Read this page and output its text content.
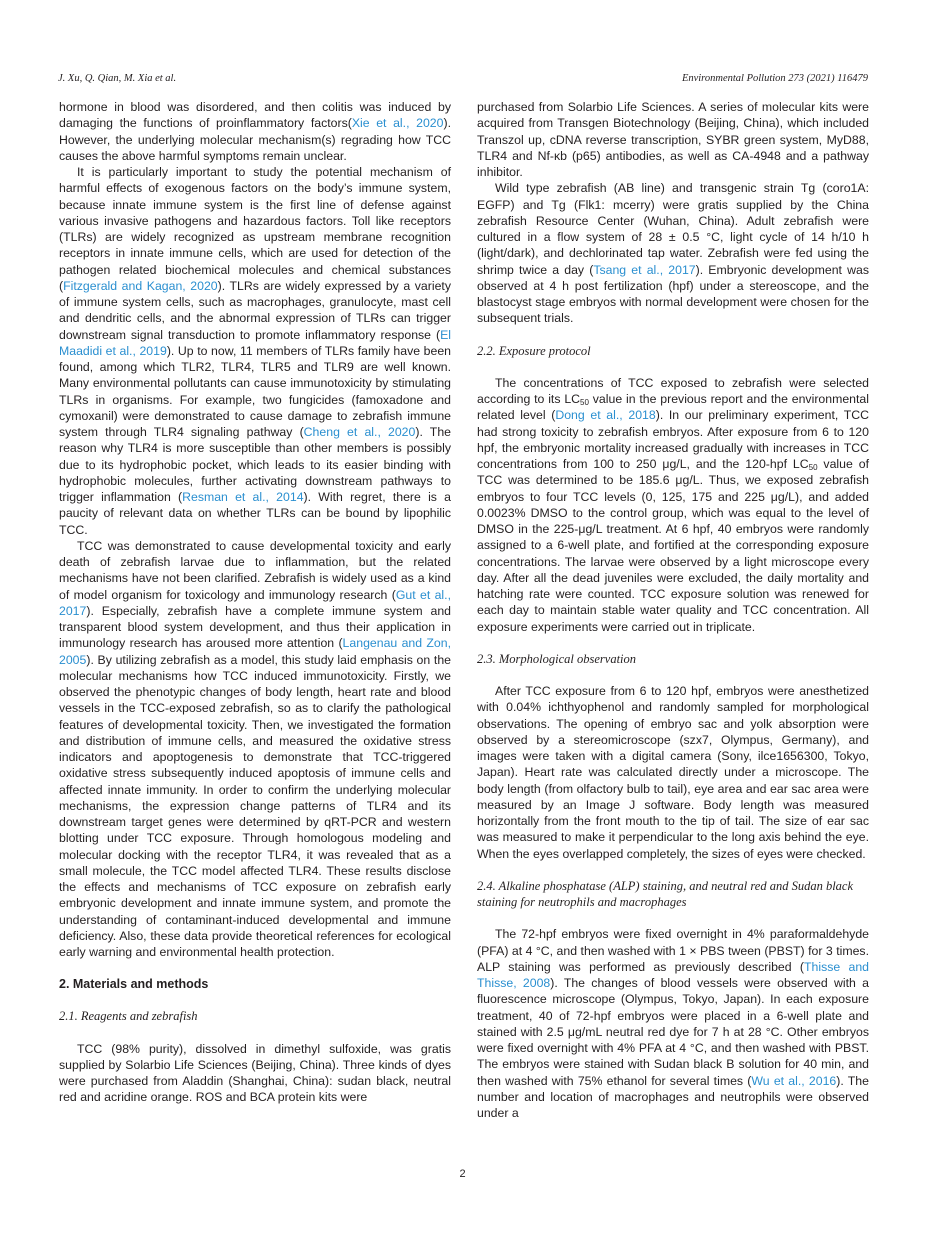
J. Xu, Q. Qian, M. Xia et al.	Environmental Pollution 273 (2021) 116479

hormone in blood was disordered, and then colitis was induced by damaging the functions of proinflammatory factors(Xie et al., 2020). However, the underlying molecular mechanism(s) regrading how TCC causes the above harmful symptoms remain unclear.

It is particularly important to study the potential mechanism of harmful effects of exogenous factors on the body’s immune system, because innate immune system is the first line of defense against various invasive pathogens and hazardous factors. Toll like receptors (TLRs) are widely recognized as upstream membrane recognition receptors in innate immune cells, which are used for detection of the pathogen related biochemical molecules and chemical substances (Fitzgerald and Kagan, 2020). TLRs are widely expressed by a variety of immune system cells, such as macrophages, granulocyte, mast cell and dendritic cells, and the abnormal expression of TLRs can trigger downstream signal transduction to promote inflammatory response (El Maadidi et al., 2019). Up to now, 11 members of TLRs family have been found, among which TLR2, TLR4, TLR5 and TLR9 are well known. Many environmental pollutants can cause immunotoxicity by stimulating TLRs in organisms. For example, two fungicides (famoxadone and cymoxanil) were demonstrated to cause damage to zebrafish immune system through TLR4 signaling pathway (Cheng et al., 2020). The reason why TLR4 is more susceptible than other members is possibly due to its hydrophobic pocket, which leads to its easier binding with hydrophobic molecules, further activating downstream pathways to trigger inflammation (Resman et al., 2014). With regret, there is a paucity of relevant data on whether TLRs can be bound by lipophilic TCC.

TCC was demonstrated to cause developmental toxicity and early death of zebrafish larvae due to inflammation, but the related mechanisms have not been clarified. Zebrafish is widely used as a kind of model organism for toxicology and immunology research (Gut et al., 2017). Especially, zebrafish have a complete immune system and transparent blood system development, and thus their application in immunology research has aroused more attention (Langenau and Zon, 2005). By utilizing zebrafish as a model, this study laid emphasis on the molecular mechanisms how TCC induced immunotoxicity. Firstly, we observed the phenotypic changes of body length, heart rate and blood vessels in the TCC-exposed zebrafish, so as to clarify the pathological features of developmental toxicity. Then, we investigated the formation and distribution of immune cells, and measured the oxidative stress indicators and apoptogenesis to demonstrate that TCC-triggered oxidative stress subsequently induced apoptosis of immune cells and affected innate immunity. In order to confirm the underlying molecular mechanisms, the expression change patterns of TLR4 and its downstream target genes were determined by qRT-PCR and western blotting under TCC exposure. Through homologous modeling and molecular docking with the receptor TLR4, it was revealed that as a small molecule, the TCC model affected TLR4. These results disclose the effects and mechanisms of TCC exposure on zebrafish early embryonic development and innate immune system, and promote the understanding of contaminant-induced developmental and immune deficiency. Also, these data provide theoretical references for ecological early warning and environmental health protection.

2. Materials and methods
2.1. Reagents and zebrafish

TCC (98% purity), dissolved in dimethyl sulfoxide, was gratis supplied by Solarbio Life Sciences (Beijing, China). Three kinds of dyes were purchased from Aladdin (Shanghai, China): sudan black, neutral red and acridine orange. ROS and BCA protein kits were

purchased from Solarbio Life Sciences. A series of molecular kits were acquired from Transgen Biotechnology (Beijing, China), which included Transzol up, cDNA reverse transcription, SYBR green system, MyD88, TLR4 and Nf-κb (p65) antibodies, as well as CA-4948 and a pathway inhibitor.

Wild type zebrafish (AB line) and transgenic strain Tg (coro1A: EGFP) and Tg (Flk1: mcerry) were gratis supplied by the China zebrafish Resource Center (Wuhan, China). Adult zebrafish were cultured in a flow system of 28 ± 0.5 °C, light cycle of 14 h/10 h (light/dark), and dechlorinated tap water. Zebrafish were fed using the shrimp twice a day (Tsang et al., 2017). Embryonic development was observed at 4 h post fertilization (hpf) under a stereoscope, and the blastocyst stage embryos with normal development were chosen for the subsequent trials.

2.2. Exposure protocol

The concentrations of TCC exposed to zebrafish were selected according to its $LC_{50}$ value in the previous report and the environmental related level (Dong et al., 2018). In our preliminary experiment, TCC had strong toxicity to zebrafish embryos. After exposure from 6 to 120 hpf, the embryonic mortality increased gradually with increases in TCC concentrations from 100 to 250 μg/L, and the 120-hpf $LC_{50}$ value of TCC was determined to be 185.6 μg/L. Thus, we exposed zebrafish embryos to four TCC levels (0, 125, 175 and 225 μg/L), and added 0.0023% DMSO to the control group, which was equal to the level of DMSO in the 225-μg/L treatment. At 6 hpf, 40 embryos were randomly assigned to a 6-well plate, and fortified at the corresponding exposure concentrations. The larvae were observed by a light microscope every day. After all the dead juveniles were excluded, the daily mortality and hatching rate were counted. TCC exposure solution was renewed for each day to maintain stable water quality and TCC concentration. All exposure experiments were carried out in triplicate.

2.3. Morphological observation

After TCC exposure from 6 to 120 hpf, embryos were anesthetized with 0.04% ichthyophenol and randomly sampled for morphological observations. The opening of embryo sac and yolk absorption were observed by a stereomicroscope (szx7, Olympus, Germany), and images were taken with a digital camera (Sony, ilce1656300, Tokyo, Japan). Heart rate was calculated directly under a microscope. The body length (from olfactory bulb to tail), eye area and ear sac area were measured by an Image J software. Body length was measured horizontally from the front mouth to the tip of tail. The size of ear sac was measured to make it perpendicular to the long axis behind the eye. When the eyes overlapped completely, the sizes of eyes were checked.

2.4. Alkaline phosphatase (ALP) staining, and neutral red and Sudan black staining for neutrophils and macrophages

The 72-hpf embryos were fixed overnight in 4% paraformaldehyde (PFA) at 4 °C, and then washed with 1 × PBS tween (PBST) for 3 times. ALP staining was performed as previously described (Thisse and Thisse, 2008). The changes of blood vessels were observed with a fluorescence microscope (Olympus, Tokyo, Japan). In each exposure treatment, 40 of 72-hpf embryos were placed in a 6-well plate and stained with 2.5 μg/mL neutral red dye for 7 h at 28 °C. Other embryos were fixed overnight with 4% PFA at 4 °C, and then washed with PBST. The embryos were stained with Sudan black B solution for 40 min, and then washed with 75% ethanol for several times (Wu et al., 2016). The number and location of macrophages and neutrophils were observed under a

2
